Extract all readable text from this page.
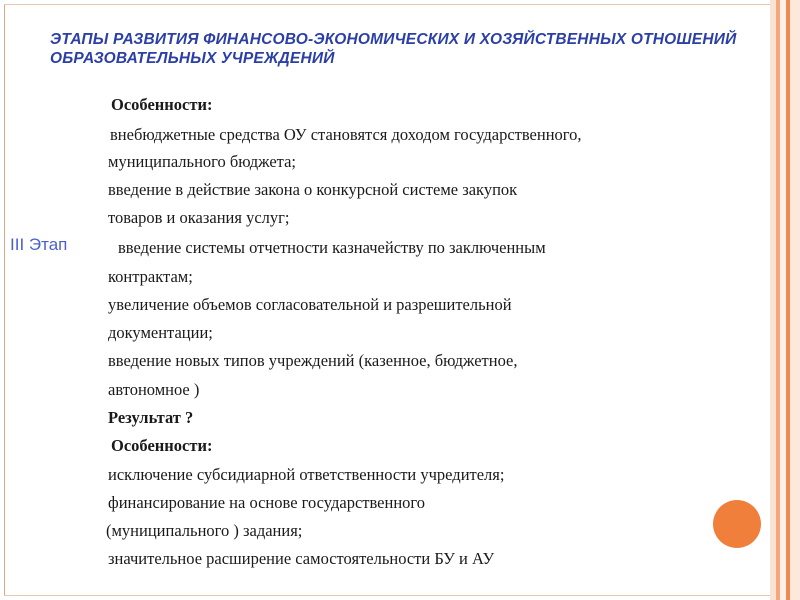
ЭТАПЫ РАЗВИТИЯ ФИНАНСОВО-ЭКОНОМИЧЕСКИХ И ХОЗЯЙСТВЕННЫХ ОТНОШЕНИЙ ОБРАЗОВАТЕЛЬНЫХ УЧРЕЖДЕНИЙ
III Этап
Особенности:
внебюджетные средства ОУ становятся доходом государственного,
муниципального бюджета;
введение в действие закона о конкурсной системе закупок
товаров и оказания услуг;
введение системы отчетности казначейству по заключенным
контрактам;
увеличение объемов согласовательной и разрешительной
документации;
введение новых типов учреждений (казенное, бюджетное,
автономное )
Результат ?
Особенности:
исключение субсидиарной ответственности учредителя;
финансирование на основе государственного
(муниципального ) задания;
значительное расширение самостоятельности БУ и АУ
